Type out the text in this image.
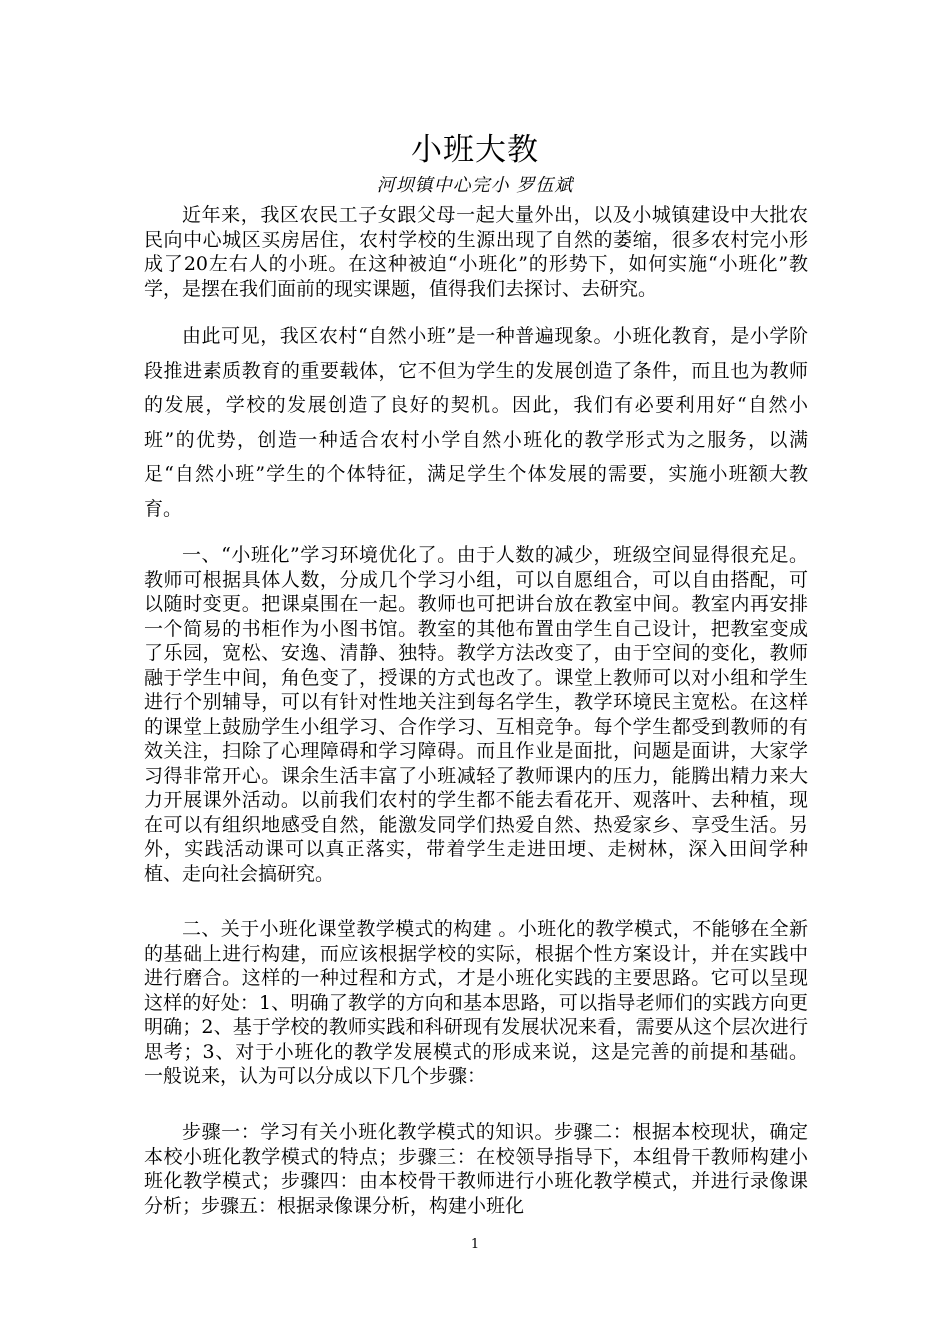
小班大教
河坝镇中心完小 罗伍斌

近年来，我区农民工子女跟父母一起大量外出，以及小城镇建设中大批农民向中心城区买房居住，农村学校的生源出现了自然的萎缩，很多农村完小形成了20左右人的小班。在这种被迫“小班化”的形势下，如何实施“小班化”教学，是摆在我们面前的现实课题，值得我们去探讨、去研究。

由此可见，我区农村“自然小班”是一种普遍现象。小班化教育，是小学阶段推进素质教育的重要载体，它不但为学生的发展创造了条件，而且也为教师的发展，学校的发展创造了良好的契机。因此，我们有必要利用好“自然小班”的优势，创造一种适合农村小学自然小班化的教学形式为之服务，以满足“自然小班”学生的个体特征，满足学生个体发展的需要，实施小班额大教育。

一、“小班化”学习环境优化了。由于人数的减少，班级空间显得很充足。教师可根据具体人数，分成几个学习小组，可以自愿组合，可以自由搭配，可以随时变更。把课桌围在一起。教师也可把讲台放在教室中间。教室内再安排一个简易的书柜作为小图书馆。教室的其他布置由学生自己设计，把教室变成了乐园，宽松、安逸、清静、独特。教学方法改变了，由于空间的变化，教师融于学生中间，角色变了，授课的方式也改了。课堂上教师可以对小组和学生进行个别辅导，可以有针对性地关注到每名学生，教学环境民主宽松。在这样的课堂上鼓励学生小组学习、合作学习、互相竞争。每个学生都受到教师的有效关注，扫除了心理障碍和学习障碍。而且作业是面批，问题是面讲，大家学习得非常开心。课余生活丰富了小班减轻了教师课内的压力，能腾出精力来大力开展课外活动。以前我们农村的学生都不能去看花开、观落叶、去种植，现在可以有组织地感受自然，能激发同学们热爱自然、热爱家乡、享受生活。另外，实践活动课可以真正落实，带着学生走进田埂、走树林，深入田间学种植、走向社会搞研究。

二、关于小班化课堂教学模式的构建 。小班化的教学模式，不能够在全新的基础上进行构建，而应该根据学校的实际，根据个性方案设计，并在实践中进行磨合。这样的一种过程和方式，才是小班化实践的主要思路。它可以呈现这样的好处：1、明确了教学的方向和基本思路，可以指导老师们的实践方向更明确；2、基于学校的教师实践和科研现有发展状况来看，需要从这个层次进行思考；3、对于小班化的教学发展模式的形成来说，这是完善的前提和基础。 一般说来，认为可以分成以下几个步骤：

步骤一：学习有关小班化教学模式的知识。步骤二：根据本校现状，确定本校小班化教学模式的特点；步骤三：在校领导指导下，本组骨干教师构建小班化教学模式；步骤四：由本校骨干教师进行小班化教学模式，并进行录像课分析；步骤五：根据录像课分析，构建小班化

1
